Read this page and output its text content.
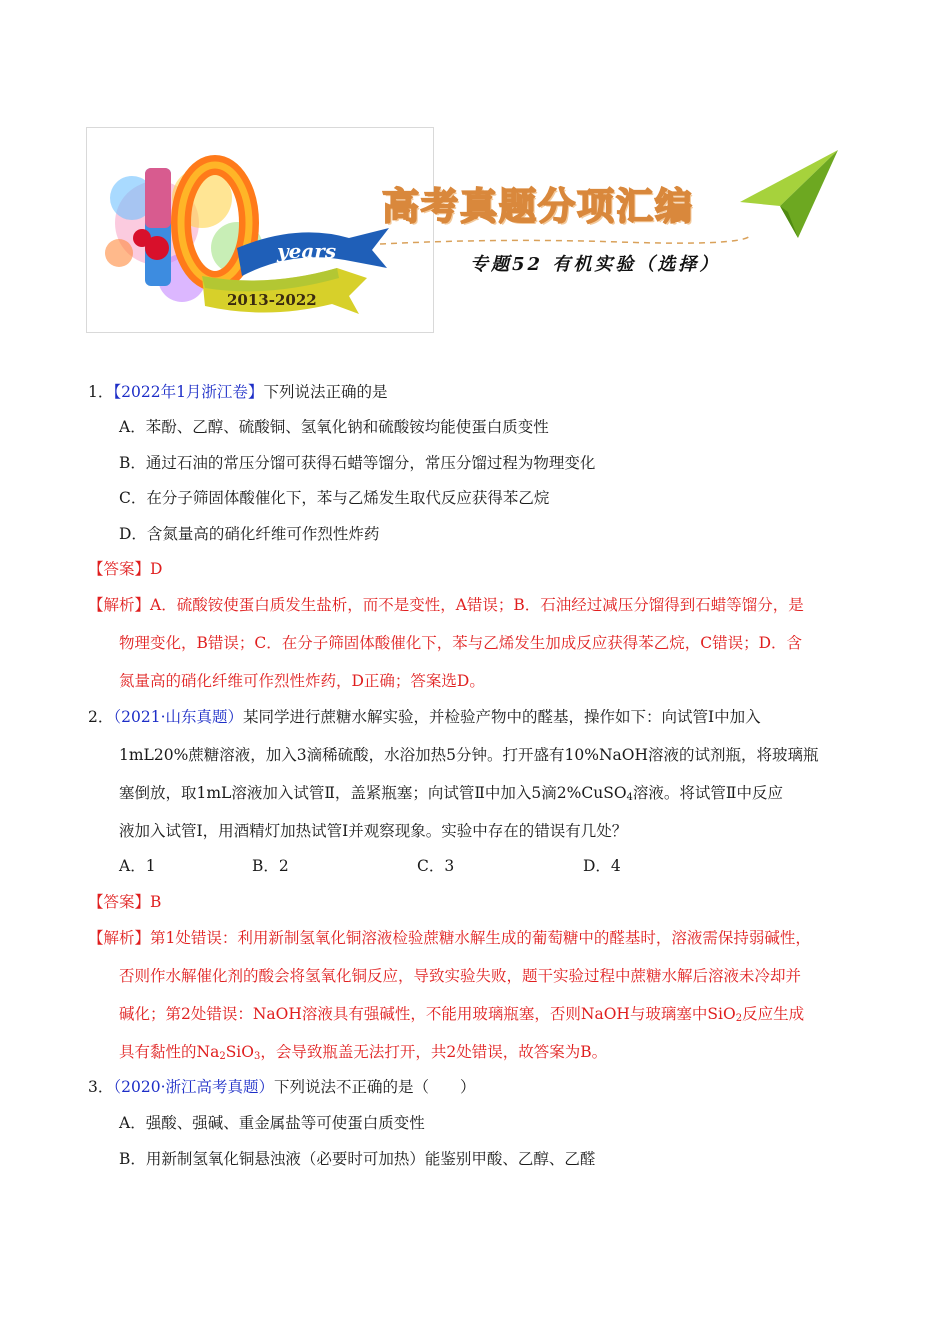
years
2013-2022
高考真题分项汇编
专题52 有机实验（选择）
1．【2022年1月浙江卷】下列说法正确的是
A．苯酚、乙醇、硫酸铜、氢氧化钠和硫酸铵均能使蛋白质变性
B．通过石油的常压分馏可获得石蜡等馏分，常压分馏过程为物理变化
C．在分子筛固体酸催化下，苯与乙烯发生取代反应获得苯乙烷
D．含氮量高的硝化纤维可作烈性炸药
【答案】D
【解析】A．硫酸铵使蛋白质发生盐析，而不是变性，A错误；B．石油经过减压分馏得到石蜡等馏分，是
物理变化，B错误；C．在分子筛固体酸催化下，苯与乙烯发生加成反应获得苯乙烷，C错误；D．含
氮量高的硝化纤维可作烈性炸药，D正确；答案选D。
2．（2021·山东真题）某同学进行蔗糖水解实验，并检验产物中的醛基，操作如下：向试管Ⅰ中加入
1mL20%蔗糖溶液，加入3滴稀硫酸，水浴加热5分钟。打开盛有10%NaOH溶液的试剂瓶，将玻璃瓶
塞倒放，取1mL溶液加入试管Ⅱ，盖紧瓶塞；向试管Ⅱ中加入5滴2%CuSO$_4$溶液。将试管Ⅱ中反应
液加入试管Ⅰ，用酒精灯加热试管Ⅰ并观察现象。实验中存在的错误有几处？
A．1	B．2	C．3	D．4
【答案】B
【解析】第1处错误：利用新制氢氧化铜溶液检验蔗糖水解生成的葡萄糖中的醛基时，溶液需保持弱碱性，
否则作水解催化剂的酸会将氢氧化铜反应，导致实验失败，题干实验过程中蔗糖水解后溶液未冷却并
碱化；第2处错误：NaOH溶液具有强碱性，不能用玻璃瓶塞，否则NaOH与玻璃塞中SiO$_2$反应生成
具有黏性的$Na_2SiO_3$，会导致瓶盖无法打开，共2处错误，故答案为B。
3．（2020·浙江高考真题）下列说法不正确的是（　　）
A．强酸、强碱、重金属盐等可使蛋白质变性
B．用新制氢氧化铜悬浊液（必要时可加热）能鉴别甲酸、乙醇、乙醛
